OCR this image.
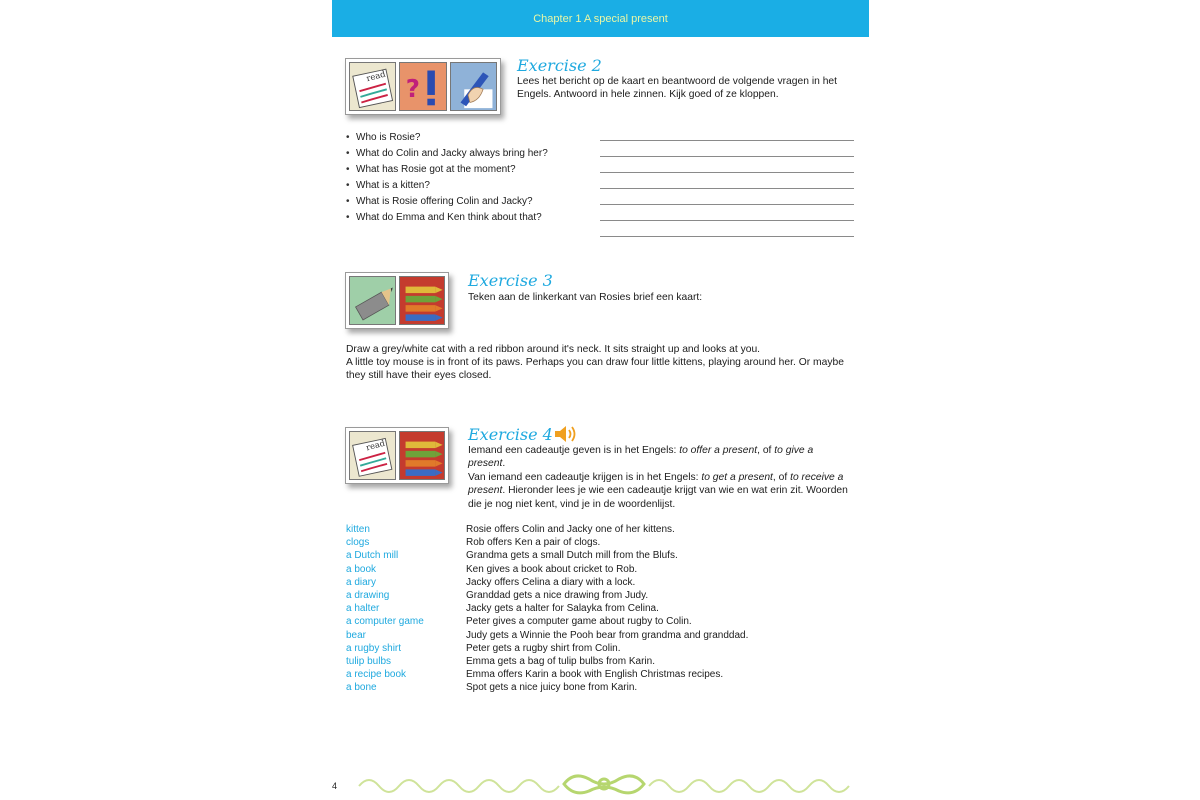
Chapter 1 A special present
read ?
Exercise 2
Lees het bericht op de kaart en beantwoord de volgende vragen in het Engels. Antwoord in hele zinnen. Kijk goed of ze kloppen.
• Who is Rosie?
• What do Colin and Jacky always bring her?
• What has Rosie got at the moment?
• What is a kitten?
• What is Rosie offering Colin and Jacky?
• What do Emma and Ken think about that?
Exercise 3
Teken aan de linkerkant van Rosies brief een kaart:
Draw a grey/white cat with a red ribbon around it's neck. It sits straight up and looks at you.
A little toy mouse is in front of its paws. Perhaps you can draw four little kittens, playing around her. Or maybe they still have their eyes closed.
read
Exercise 4
Iemand een cadeautje geven is in het Engels: to offer a present, of to give a present.
Van iemand een cadeautje krijgen is in het Engels: to get a present, of to receive a present. Hieronder lees je wie een cadeautje krijgt van wie en wat erin zit. Woorden die je nog niet kent, vind je in de woordenlijst.
kitten	Rosie offers Colin and Jacky one of her kittens.
clogs	Rob offers Ken a pair of clogs.
a Dutch mill	Grandma gets a small Dutch mill from the Blufs.
a book	Ken gives a book about cricket to Rob.
a diary	Jacky offers Celina a diary with a lock.
a drawing	Granddad gets a nice drawing from Judy.
a halter	Jacky gets a halter for Salayka from Celina.
a computer game	Peter gives a computer game about rugby to Colin.
bear	Judy gets a Winnie the Pooh bear from grandma and granddad.
a rugby shirt	Peter gets a rugby shirt from Colin.
tulip bulbs	Emma gets a bag of tulip bulbs from Karin.
a recipe book	Emma offers Karin a book with English Christmas recipes.
a bone	Spot gets a nice juicy bone from Karin.
4
